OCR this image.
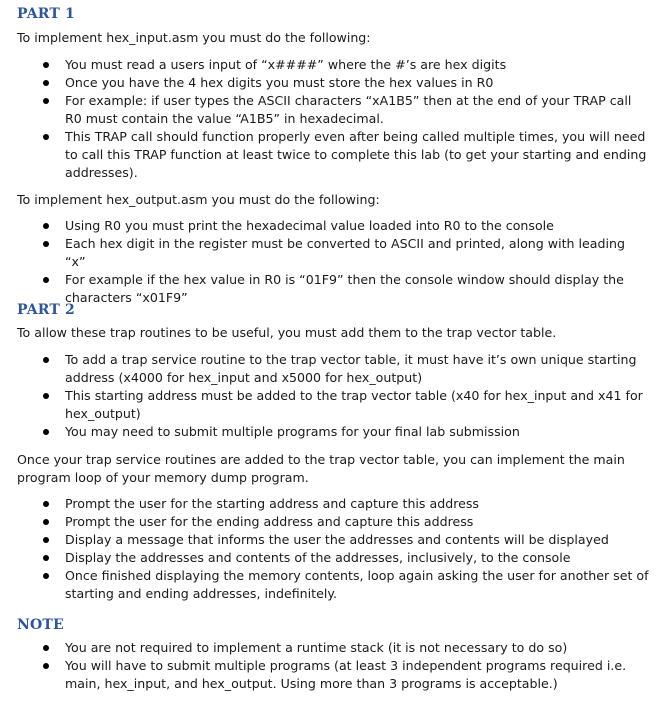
PART 1

To implement hex_input.asm you must do the following:

You must read a users input of “x####” where the #’s are hex digits
Once you have the 4 hex digits you must store the hex values in R0
For example: if user types the ASCII characters “xA1B5” then at the end of your TRAP call R0 must contain the value “A1B5” in hexadecimal.
This TRAP call should function properly even after being called multiple times, you will need to call this TRAP function at least twice to complete this lab (to get your starting and ending addresses).

To implement hex_output.asm you must do the following:

Using R0 you must print the hexadecimal value loaded into R0 to the console
Each hex digit in the register must be converted to ASCII and printed, along with leading “x”
For example if the hex value in R0 is “01F9” then the console window should display the characters “x01F9”
PART 2

To allow these trap routines to be useful, you must add them to the trap vector table.

To add a trap service routine to the trap vector table, it must have it’s own unique starting address (x4000 for hex_input and x5000 for hex_output)
This starting address must be added to the trap vector table (x40 for hex_input and x41 for hex_output)
You may need to submit multiple programs for your final lab submission

Once your trap service routines are added to the trap vector table, you can implement the main program loop of your memory dump program.

Prompt the user for the starting address and capture this address
Prompt the user for the ending address and capture this address
Display a message that informs the user the addresses and contents will be displayed
Display the addresses and contents of the addresses, inclusively, to the console
Once finished displaying the memory contents, loop again asking the user for another set of starting and ending addresses, indefinitely.
NOTE
You are not required to implement a runtime stack (it is not necessary to do so)
You will have to submit multiple programs (at least 3 independent programs required i.e. main, hex_input, and hex_output. Using more than 3 programs is acceptable.)
